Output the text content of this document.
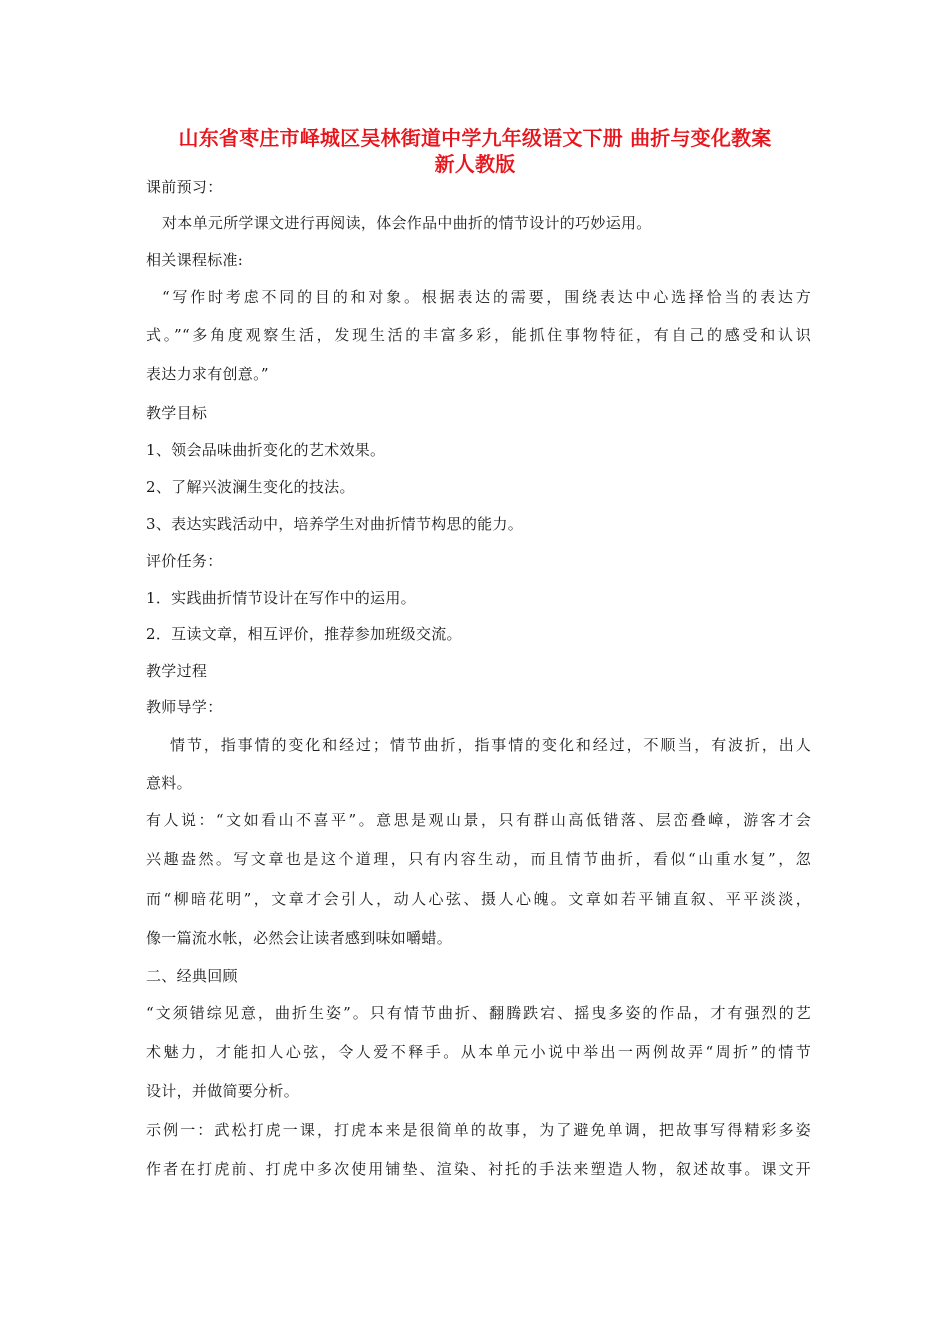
山东省枣庄市峄城区吴林街道中学九年级语文下册 曲折与变化教案
新人教版
课前预习：
对本单元所学课文进行再阅读，体会作品中曲折的情节设计的巧妙运用。
相关课程标准:
“写作时考虑不同的目的和对象。根据表达的需要，围绕表达中心选择恰当的表达方
式。”“多角度观察生活，发现生活的丰富多彩，能抓住事物特征，有自己的感受和认识
表达力求有创意。”
教学目标
1、领会品味曲折变化的艺术效果。
2、了解兴波澜生变化的技法。
3、表达实践活动中，培养学生对曲折情节构思的能力。
评价任务：
1．实践曲折情节设计在写作中的运用。
2．互读文章，相互评价，推荐参加班级交流。
教学过程
教师导学：
情节，指事情的变化和经过；情节曲折，指事情的变化和经过，不顺当，有波折，出人
意料。
有人说：“文如看山不喜平”。意思是观山景，只有群山高低错落、层峦叠嶂，游客才会
兴趣盎然。写文章也是这个道理，只有内容生动，而且情节曲折，看似“山重水复”，忽
而“柳暗花明”，文章才会引人，动人心弦、摄人心魄。文章如若平铺直叙、平平淡淡，
像一篇流水帐，必然会让读者感到味如嚼蜡。
二、经典回顾
“文须错综见意，曲折生姿”。只有情节曲折、翻腾跌宕、摇曳多姿的作品，才有强烈的艺
术魅力，才能扣人心弦，令人爱不释手。从本单元小说中举出一两例故弄“周折”的情节
设计，并做简要分析。
示例一：武松打虎一课，打虎本来是很简单的故事，为了避免单调，把故事写得精彩多姿
作者在打虎前、打虎中多次使用铺垫、渲染、衬托的手法来塑造人物，叙述故事。课文开
